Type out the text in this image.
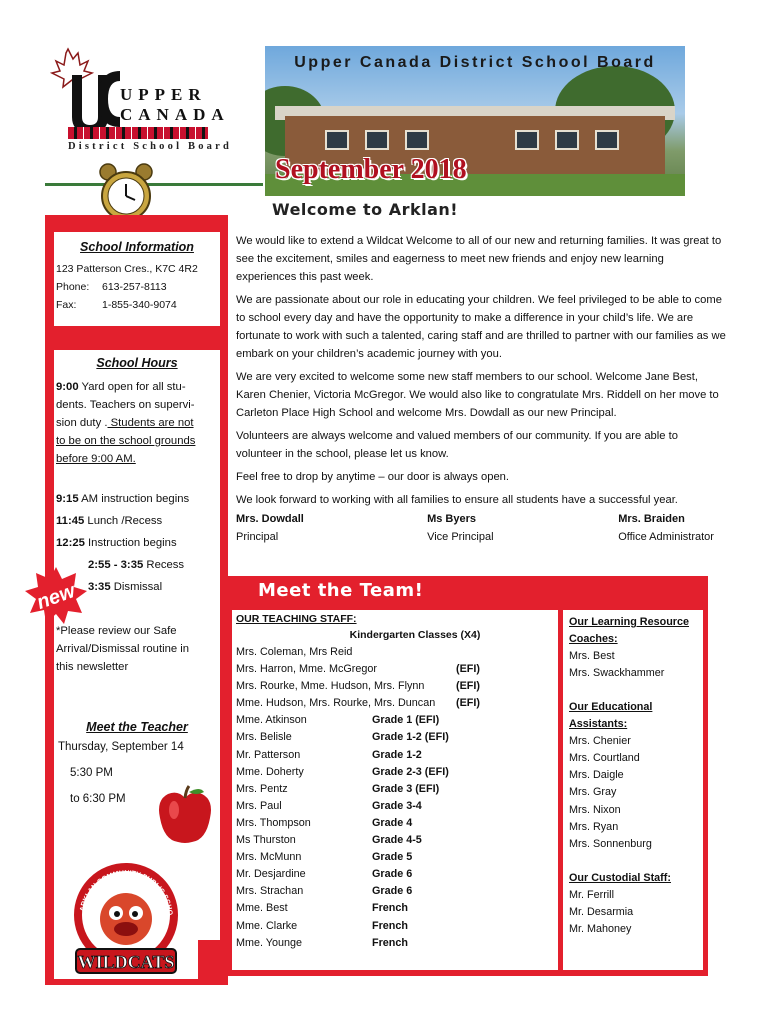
UPPER
CANADA
District School Board
Upper Canada District School Board
September 2018
School Information
123 Patterson Cres., K7C 4R2
Phone: 613-257-8113
Fax: 1-855-340-9074
School Hours
9:00 Yard open for all stu-
dents. Teachers on supervi-
sion duty . Students are not
to be on the school grounds
before 9:00 AM.
9:15 AM instruction begins
11:45 Lunch /Recess
12:25 Instruction begins
2:55 - 3:35 Recess
3:35 Dismissal
*Please review our Safe
Arrival/Dismissal routine in
this newsletter
new
Meet the Teacher
Thursday, September 14
5:30 PM
to 6:30 PM
ARKLAN COMMUNITY PUBLIC SCHO
WILDCATS
Welcome to Arklan!

We would like to extend a Wildcat Welcome to all of our new and returning families. It was great to see the excitement, smiles and eagerness to meet new friends and enjoy new learning experiences this past week.

We are passionate about our role in educating your children. We feel privileged to be able to come to school every day and have the opportunity to make a difference in your child’s life. We are fortunate to work with such a talented, caring staff and are thrilled to partner with our families as we embark on your children’s academic journey with you.

We are very excited to welcome some new staff members to our school. Welcome Jane Best, Karen Chenier, Victoria McGregor. We would also like to congratulate Mrs. Riddell on her move to Carleton Place High School and welcome Mrs. Dowdall as our new Principal.

Volunteers are always welcome and valued members of our community. If you are able to volunteer in the school, please let us know.

Feel free to drop by anytime – our door is always open.

We look forward to working with all families to ensure all students have a successful year.

Mrs. Dowdall
Principal
Ms Byers
Vice Principal
Mrs. Braiden
Office Administrator
Meet the Team!
OUR TEACHING STAFF:
Kindergarten Classes (X4)
Mrs. Coleman, Mrs Reid
Mrs. Harron, Mme. McGregor	(EFI)
Mrs. Rourke, Mme. Hudson, Mrs. Flynn	(EFI)
Mme. Hudson, Mrs. Rourke, Mrs. Duncan	(EFI)
Mme. Atkinson	Grade 1 (EFI)
Mrs. Belisle	Grade 1-2 (EFI)
Mr. Patterson	Grade 1-2
Mme. Doherty	Grade 2-3 (EFI)
Mrs. Pentz	Grade 3 (EFI)
Mrs. Paul	Grade 3-4
Mrs. Thompson	Grade 4
Ms Thurston	Grade 4-5
Mrs. McMunn	Grade 5
Mr. Desjardine	Grade 6
Mrs. Strachan	Grade 6
Mme. Best	French
Mme. Clarke	French
Mme. Younge	French
Our Learning Resource
Coaches:
Mrs. Best
Mrs. Swackhammer
Our Educational
Assistants:
Mrs. Chenier
Mrs. Courtland
Mrs. Daigle
Mrs. Gray
Mrs. Nixon
Mrs. Ryan
Mrs. Sonnenburg
Our Custodial Staff:
Mr. Ferrill
Mr. Desarmia
Mr. Mahoney
